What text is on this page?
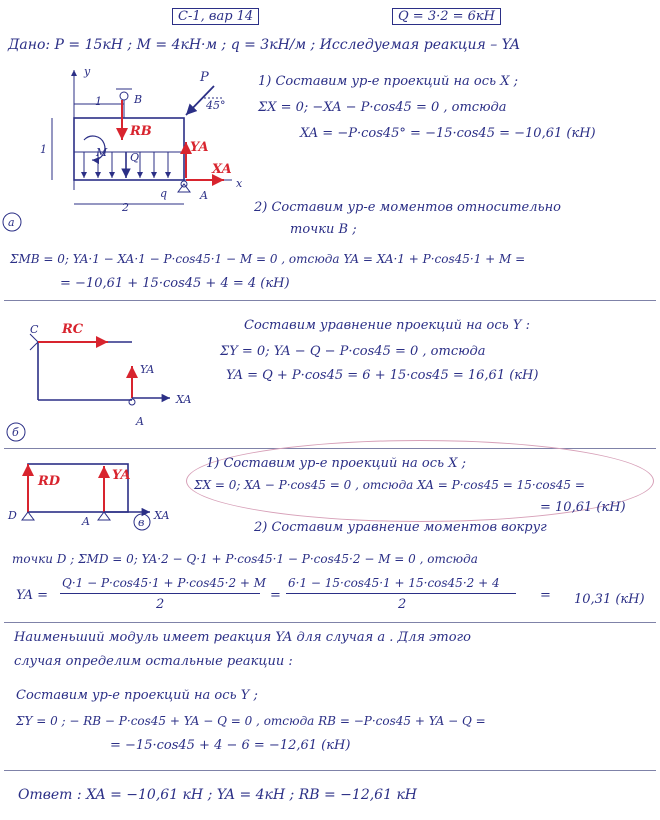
С-1, вар 14	Q = 3·2 = 6кН
Дано: P = 15кН ; M = 4кН·м ; q = 3кН/м ; Исследуемая реакция – YA
y
x
1
1
2
B
A
P
45°
M Q
q
RB
YA
XA
а
1) Составим ур-е проекций на ось X ;
ΣX = 0; −XA − P·cos45 = 0 , отсюда
XA = −P·cos45° = −15·cos45 = −10,61 (кН)
2) Составим ур-е моментов относительно
точки B ;
ΣMB = 0; YA·1 − XA·1 − P·cos45·1 − M = 0 , отсюда YA = XA·1 + P·cos45·1 + M =
= −10,61 + 15·cos45 + 4 = 4 (кН)
C RC
YA
XA
A
б
Составим уравнение проекций на ось Y :
ΣY = 0; YA − Q − P·cos45 = 0 , отсюда
YA = Q + P·cos45 = 6 + 15·cos45 = 16,61 (кН)
RD	YA
XA
D	A	в
1) Составим ур-е проекций на ось X ;
ΣX = 0; XA − P·cos45 = 0 , отсюда XA = P·cos45 = 15·cos45 =
= 10,61 (кН)
2) Составим уравнение моментов вокруг
точки D ; ΣMD = 0; YA·2 − Q·1 + P·cos45·1 − P·cos45·2 − M = 0 , отсюда
YA =
Q·1 − P·cos45·1 + P·cos45·2 + M
2
=
6·1 − 15·cos45·1 + 15·cos45·2 + 4
2
= 10,31 (кН)
Наименьший модуль имеет реакция YA для случая а . Для этого
случая определим остальные реакции :
Составим ур-е проекций на ось Y ;
ΣY = 0 ; − RB − P·cos45 + YA − Q = 0 , отсюда RB = −P·cos45 + YA − Q =
= −15·cos45 + 4 − 6 = −12,61 (кН)
Ответ : XA = −10,61 кН ; YA = 4кН ; RB = −12,61 кН
